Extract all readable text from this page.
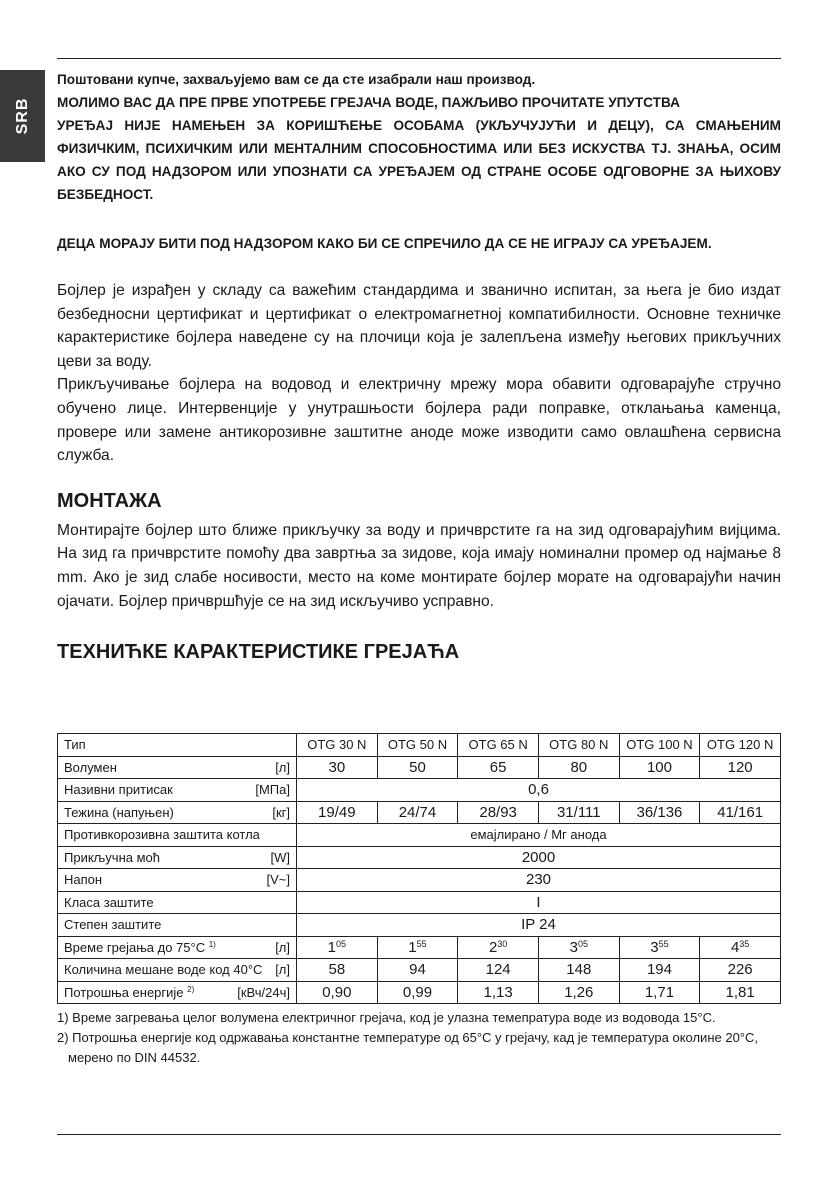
SRB

Поштовани купче, захваљујемо вам се да сте изабрали наш производ.

МОЛИМО ВАС ДА ПРЕ ПРВЕ УПОТРЕБЕ ГРЕЈАЧА ВОДЕ, ПАЖЉИВО ПРОЧИТАТЕ УПУТСТВА

УРЕЂАЈ НИЈЕ НАМЕЊЕН ЗА КОРИШЋЕЊЕ ОСОБАМА (УКЉУЧУЈУЋИ И ДЕЦУ), СА СМАЊЕНИМ ФИЗИЧКИМ, ПСИХИЧКИМ ИЛИ МЕНТАЛНИМ СПОСОБНОСТИМА ИЛИ БЕЗ ИСКУСТВА TJ. ЗНАЊА, ОСИМ АКО СУ ПОД НАДЗОРОМ ИЛИ УПОЗНАТИ СА УРЕЂАЈЕМ ОД СТРАНЕ ОСОБЕ ОДГОВОРНЕ ЗА ЊИХОВУ БЕЗБЕДНОСТ.

ДЕЦА МОРАЈУ БИТИ ПОД НАДЗОРОМ КАКО БИ СЕ СПРЕЧИЛО ДА СЕ НЕ ИГРАЈУ СА УРЕЂАЈЕМ.

Бојлер је израђен у складу са важећим стандардима и званично испитан, за њега је био издат безбедносни цертификат и цертификат о електромагнетној компатибилности. Основне техничке карактеристике бојлера наведене су на плочици која је залепљена између његових прикључних цеви за воду.

Прикључивање бојлера на водовод и електричну мрежу мора обавити одговарајуће стручно обучено лице. Интервенције у унутрашњости бојлера ради поправке, отклањања каменца, провере или замене антикорозивне заштитне аноде може изводити само овлашћена сервисна служба.

МОНТАЖА

Монтирајте бојлер што ближе прикључку за воду и причврстите га на зид одговарајућим вијцима. На зид га причврстите помоћу два завртња за зидове, која имају номинални промер од најмање 8 mm. Ако је зид слабе носивости, место на коме монтирате бојлер морате на одговарајући начин ојачати. Бојлер причвршћује се на зид искључиво усправно.

ТЕХНИЋКЕ КАРАКТЕРИСТИКЕ ГРЕЈАЋА
Тип	OTG 30 N	OTG 50 N	OTG 65 N	OTG 80 N	OTG 100 N	OTG 120 N
Волумен [л]	30	50	65	80	100	120
Називни притисак [МПа]	0,6					
Тежина (напуњен) [кг]	19/49	24/74	28/93	31/111	36/136	41/161
Противкорозивна заштита котла	емајлирано / Мг анода					
Прикључна моћ [W]	2000					
Напон [V~]	230					
Класа заштите	I					
Степен заштите	IP 24					
Време грејања до 75°C $^{1)}$ [л]	$1^{05}$	$1^{55}$	$2^{30}$	$3^{05}$	$3^{55}$	$4^{35}$
Количина мешане воде код 40°C [л]	58	94	124	148	194	226
Потрошња енергије $^{2)}$ [кВч/24ч]	0,90	0,99	1,13	1,26	1,71	1,81

1) Време загревања целог волумена електричног грејача, код је улазна темепратура воде из водовода 15°C.

2) Потрошња енергије код одржавања константне температуре од 65°C у грејачу, кад је температура околине 20°C,

мерено по DIN 44532.
